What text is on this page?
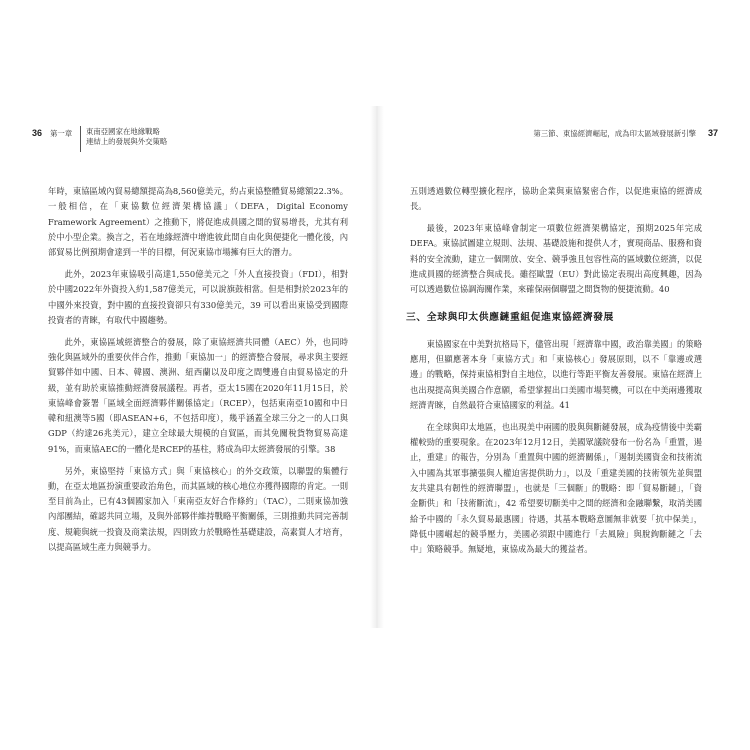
36 第一章 東南亞國家在地緣戰略
連結上的發展與外交策略

年時，東協區域內貿易總額提高為8,560億美元，約占東協整體貿易總額22.3%。一般相信，在「東協數位經濟架構協議」（DEFA，Digital Economy Framework Agreement）之推動下，將促進成員國之間的貿易增長，尤其有利於中小型企業。換言之，若在地緣經濟中增進彼此間自由化與便捷化一體化後，內部貿易比例預期會達到一半的目標，何況東協市場擁有巨大的潛力。

此外，2023年東協吸引高達1,550億美元之「外人直接投資」（FDI），相對於中國2022年外資投入約1,587億美元，可以說旗鼓相當。但是相對於2023年的中國外來投資，對中國的直接投資卻只有330億美元，39 可以看出東協受到國際投資者的青睞，有取代中國趨勢。

此外，東協區域經濟整合的發展，除了東協經濟共同體（AEC）外，也同時強化與區域外的重要伙伴合作，推動「東協加一」的經濟整合發展，尋求與主要經貿夥伴如中國、日本、韓國、澳洲、紐西蘭以及印度之間雙邊自由貿易協定的升級，並有助於東協推動經濟發展議程。再者，亞太15國在2020年11月15日，於東協峰會簽署「區域全面經濟夥伴關係協定」（RCEP），包括東南亞10國和中日韓和紐澳等5國（即ASEAN+6，不包括印度），幾乎涵蓋全球三分之一的人口與GDP（約達26兆美元），建立全球最大規模的自貿區，而其免關稅貨物貿易高達91%，而東協AEC的一體化是RCEP的基柱，將成為印太經濟發展的引擎。38

另外，東協堅持「東協方式」與「東協核心」的外交政策，以聯盟的集體行動，在亞太地區扮演重要政治角色，而其區域的核心地位亦獲得國際的肯定。一則至目前為止，已有43個國家加入「東南亞友好合作條約」（TAC），二則東協加強內部團結，確認共同立場，及與外部夥伴維持戰略平衡關係，三則推動共同完善制度、規範與統一投資及商業法規，四則致力於戰略性基礎建設，高素質人才培育，以提高區域生產力與競爭力。

第三節、東協經濟崛起，成為印太區域發展新引擎 37

五則透過數位轉型擴化程序，協助企業與東協緊密合作，以促進東協的經濟成長。

最後，2023年東協峰會制定一項數位經濟架構協定，預期2025年完成DEFA。東協試圖建立規則、法規、基礎設施和提供人才，實現商品、服務和資料的安全流動，建立一個開放、安全、競爭強且包容性高的區域數位經濟，以促進成員國的經濟整合與成長。雖徑歐盟（EU）對此協定表現出高度興趣，因為可以透過數位協調海關作業，來確保兩個聯盟之間貨物的便捷流動。40

三、全球與印太供應鏈重組促進東協經濟發展

東協國家在中美對抗格局下，儘管出現「經濟靠中國，政治靠美國」的策略應用，但顯應著本身「東協方式」和「東協核心」發展原則，以不「靠邊或選邊」的戰略，保持東協相對自主地位，以進行等距平衡友善發展。東協在經濟上也出現提高與美國合作意願，希望掌握出口美國市場契機，可以在中美兩邊獲取經濟青睞，自然最符合東協國家的利益。41

在全球與印太地區，也出現美中兩國的股與與斷鏈發展，成為疫情後中美霸權較勁的重要現象。在2023年12月12日，美國眾議院發布一份名為「重置，遏止，重建」的報告，分別為「重置與中國的經濟關係」，「遏制美國資金和技術流入中國為其軍事擴張與人權迫害提供助力」，以及「重建美國的技術領先並與盟友共建具有韌性的經濟聯盟」，也就是「三個斷」的戰略：即「貿易斷鏈」，「資金斷供」和「技術斷流」，42 希望要切斷美中之間的經濟和金融聯繫，取消美國給予中國的「永久貿易最惠國」待遇，其基本戰略意圖無非就要「抗中保美」，降低中國崛起的競爭壓力，美國必須跟中國進行「去風險」與脫鉤斷鏈之「去中」策略競爭。無疑地，東協成為最大的獲益者。
